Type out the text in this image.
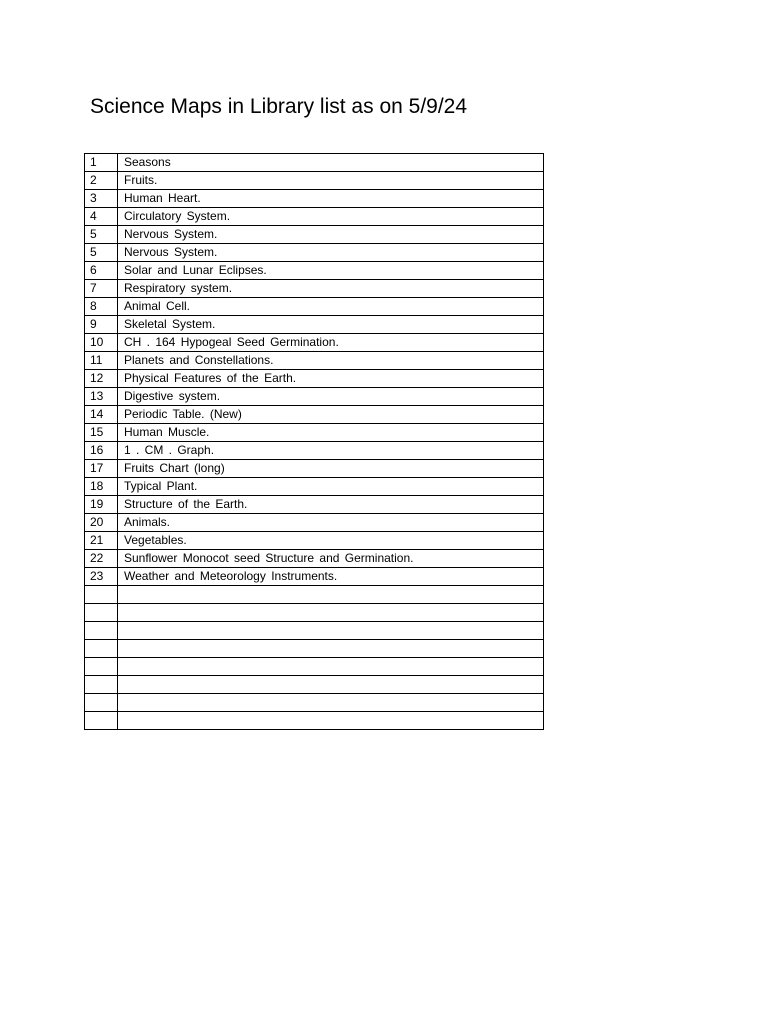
Science Maps in Library list as on 5/9/24
1	Seasons
2	Fruits.
3	Human Heart.
4	Circulatory System.
5	Nervous System.
5	Nervous System.
6	Solar and Lunar Eclipses.
7	Respiratory system.
8	Animal Cell.
9	Skeletal System.
10	CH . 164 Hypogeal Seed Germination.
11	Planets and Constellations.
12	Physical Features of the Earth.
13	Digestive system.
14	Periodic Table. (New)
15	Human Muscle.
16	1 . CM . Graph.
17	Fruits Chart (long)
18	Typical Plant.
19	Structure of the Earth.
20	Animals.
21	Vegetables.
22	Sunflower Monocot seed Structure and Germination.
23	Weather and Meteorology Instruments.
